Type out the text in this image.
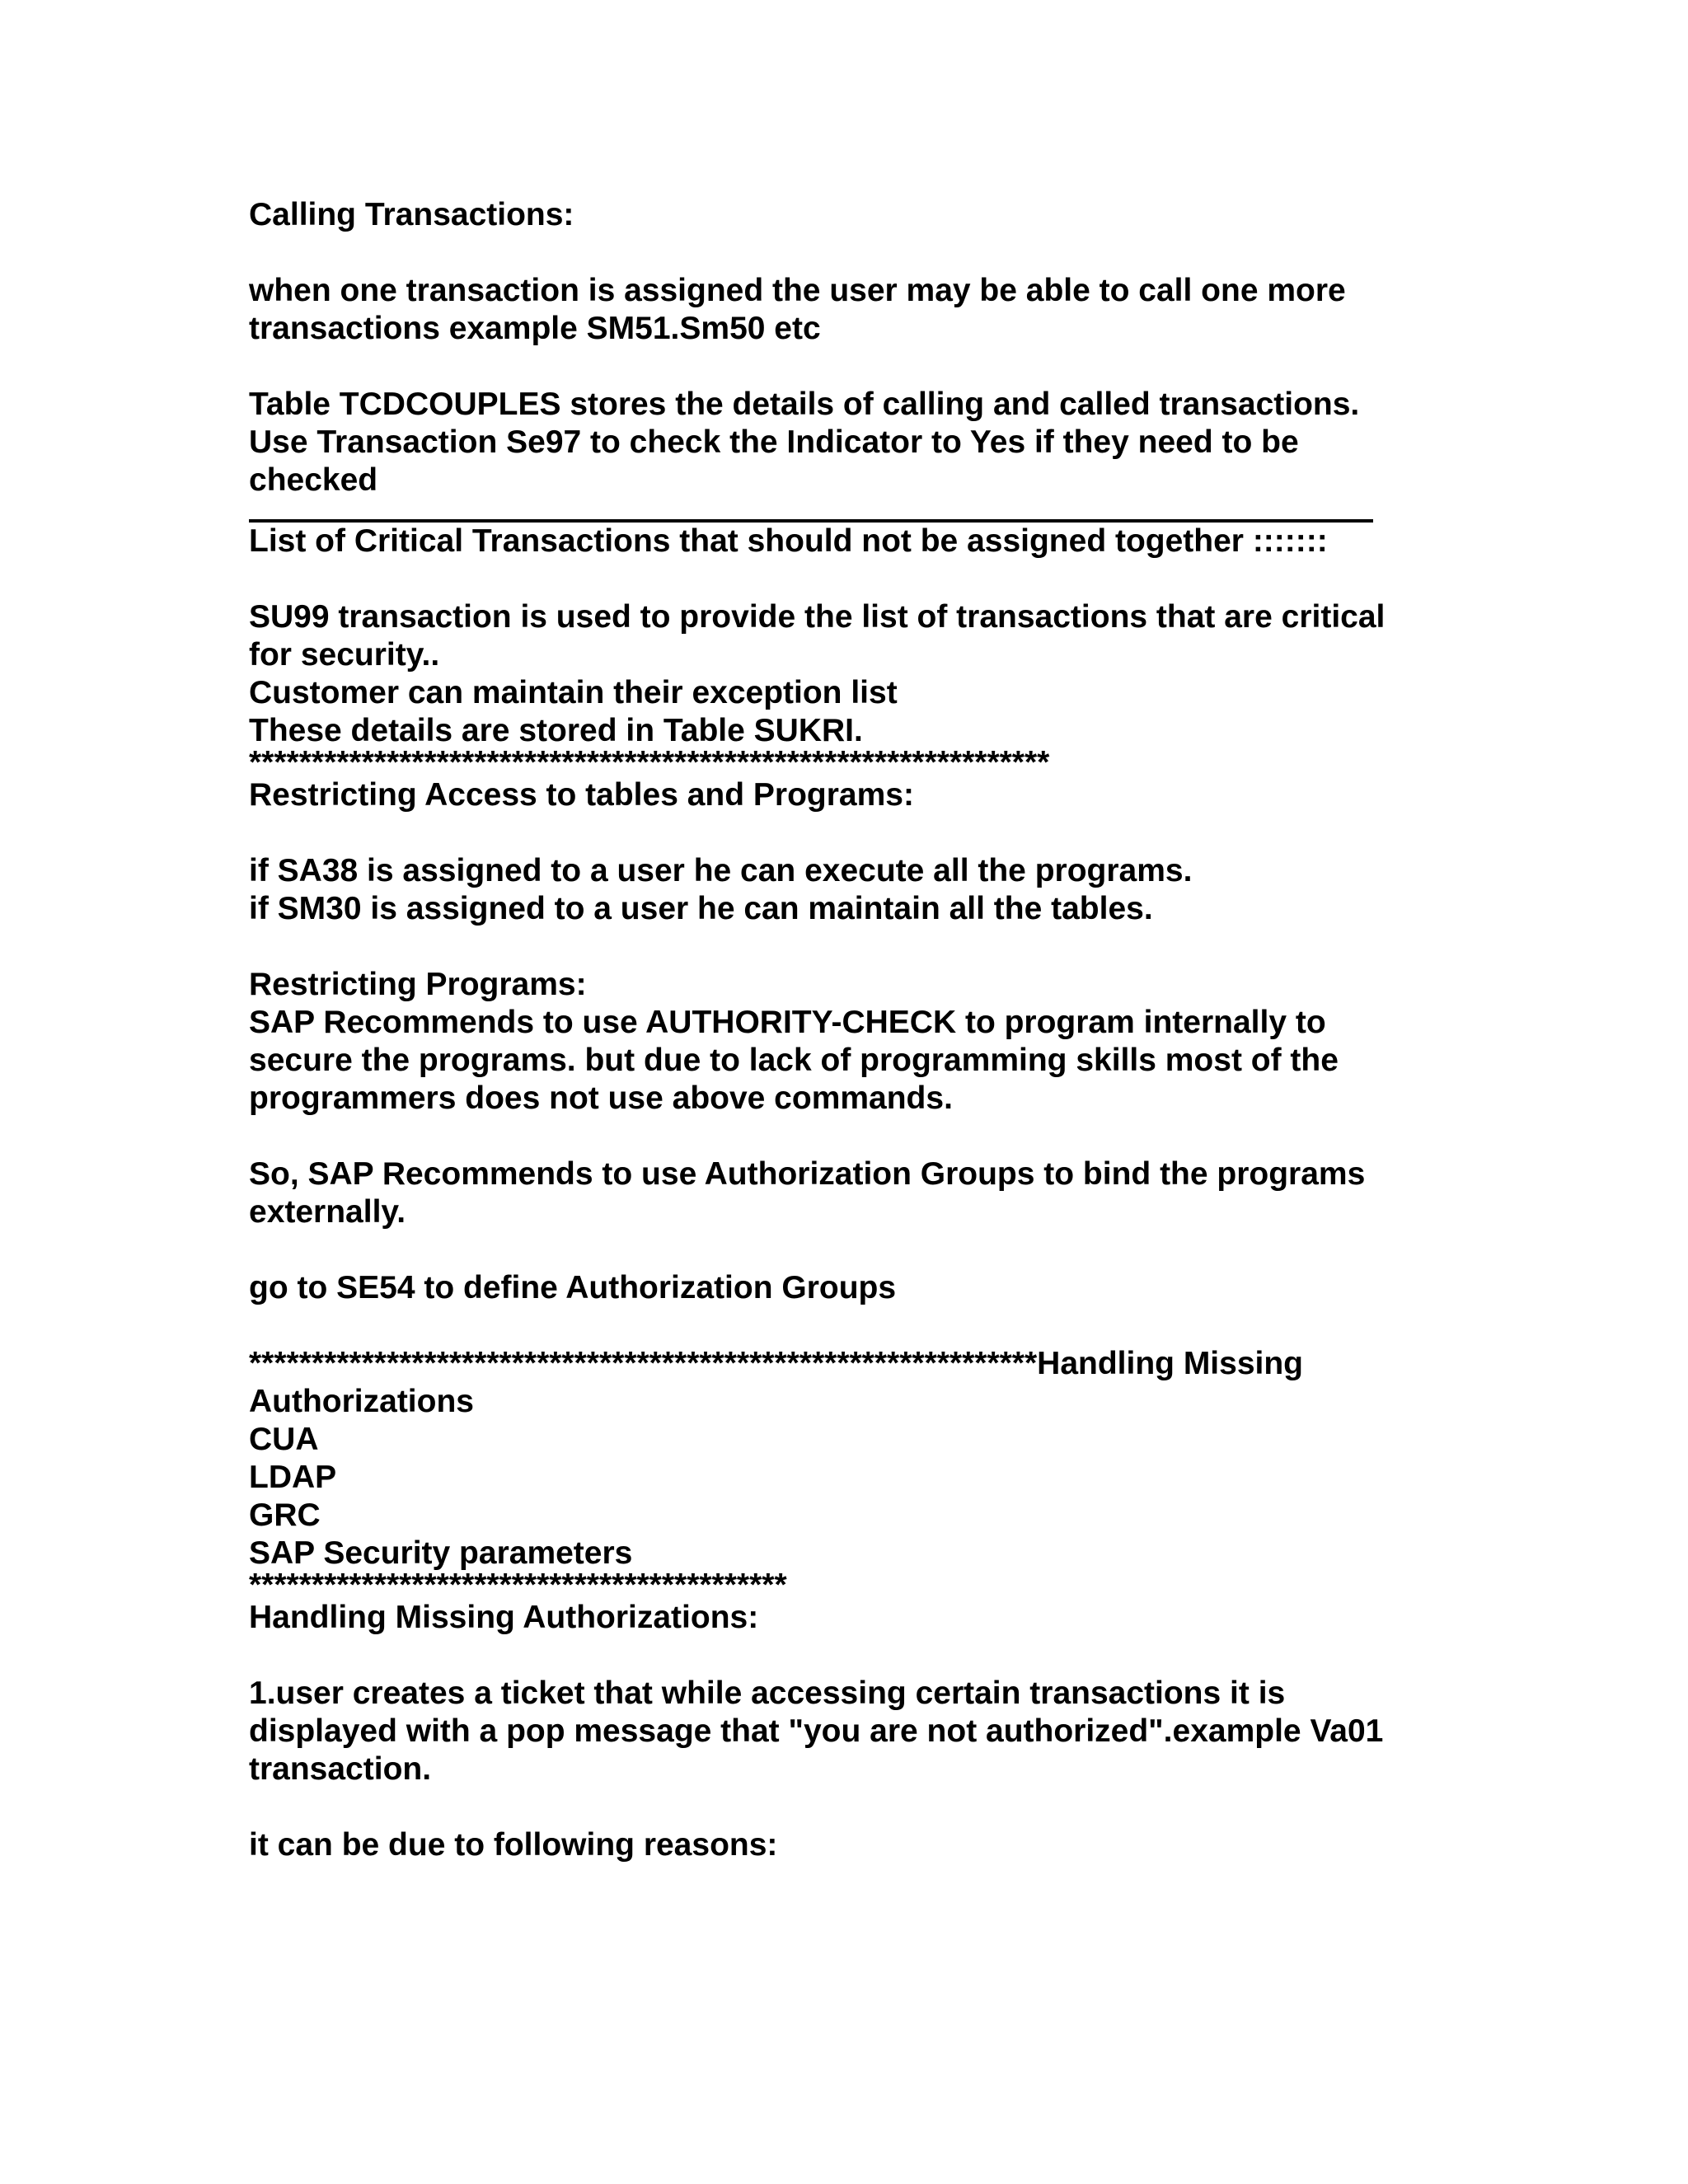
Calling Transactions:
when one transaction is assigned the user may be able to call one more
transactions example SM51.Sm50 etc
Table TCDCOUPLES stores the details of calling and called transactions.
Use Transaction Se97 to check the Indicator to Yes if they need to be
checked
List of Critical Transactions that should not be assigned together :::::::
SU99 transaction is used to provide the list of transactions that are critical
for security..
Customer can maintain their exception list
These details are stored in Table SUKRI.
****************************************************************
Restricting Access to tables and Programs:
if SA38 is assigned to a user he can execute all the programs.
if SM30 is assigned to a user he can maintain all the tables.
Restricting Programs:
SAP Recommends to use AUTHORITY-CHECK to program internally to
secure the programs. but due to lack of programming skills most of the
programmers does not use above commands.
So, SAP Recommends to use Authorization Groups to bind the programs
externally.
go to SE54 to define Authorization Groups
***************************************************************Handling Missing
Authorizations
CUA
LDAP
GRC
SAP Security parameters
*******************************************
Handling Missing Authorizations:
1.user creates a ticket that while accessing certain transactions it is
displayed with a pop message that "you are not authorized".example Va01
transaction.
it can be due to following reasons:
